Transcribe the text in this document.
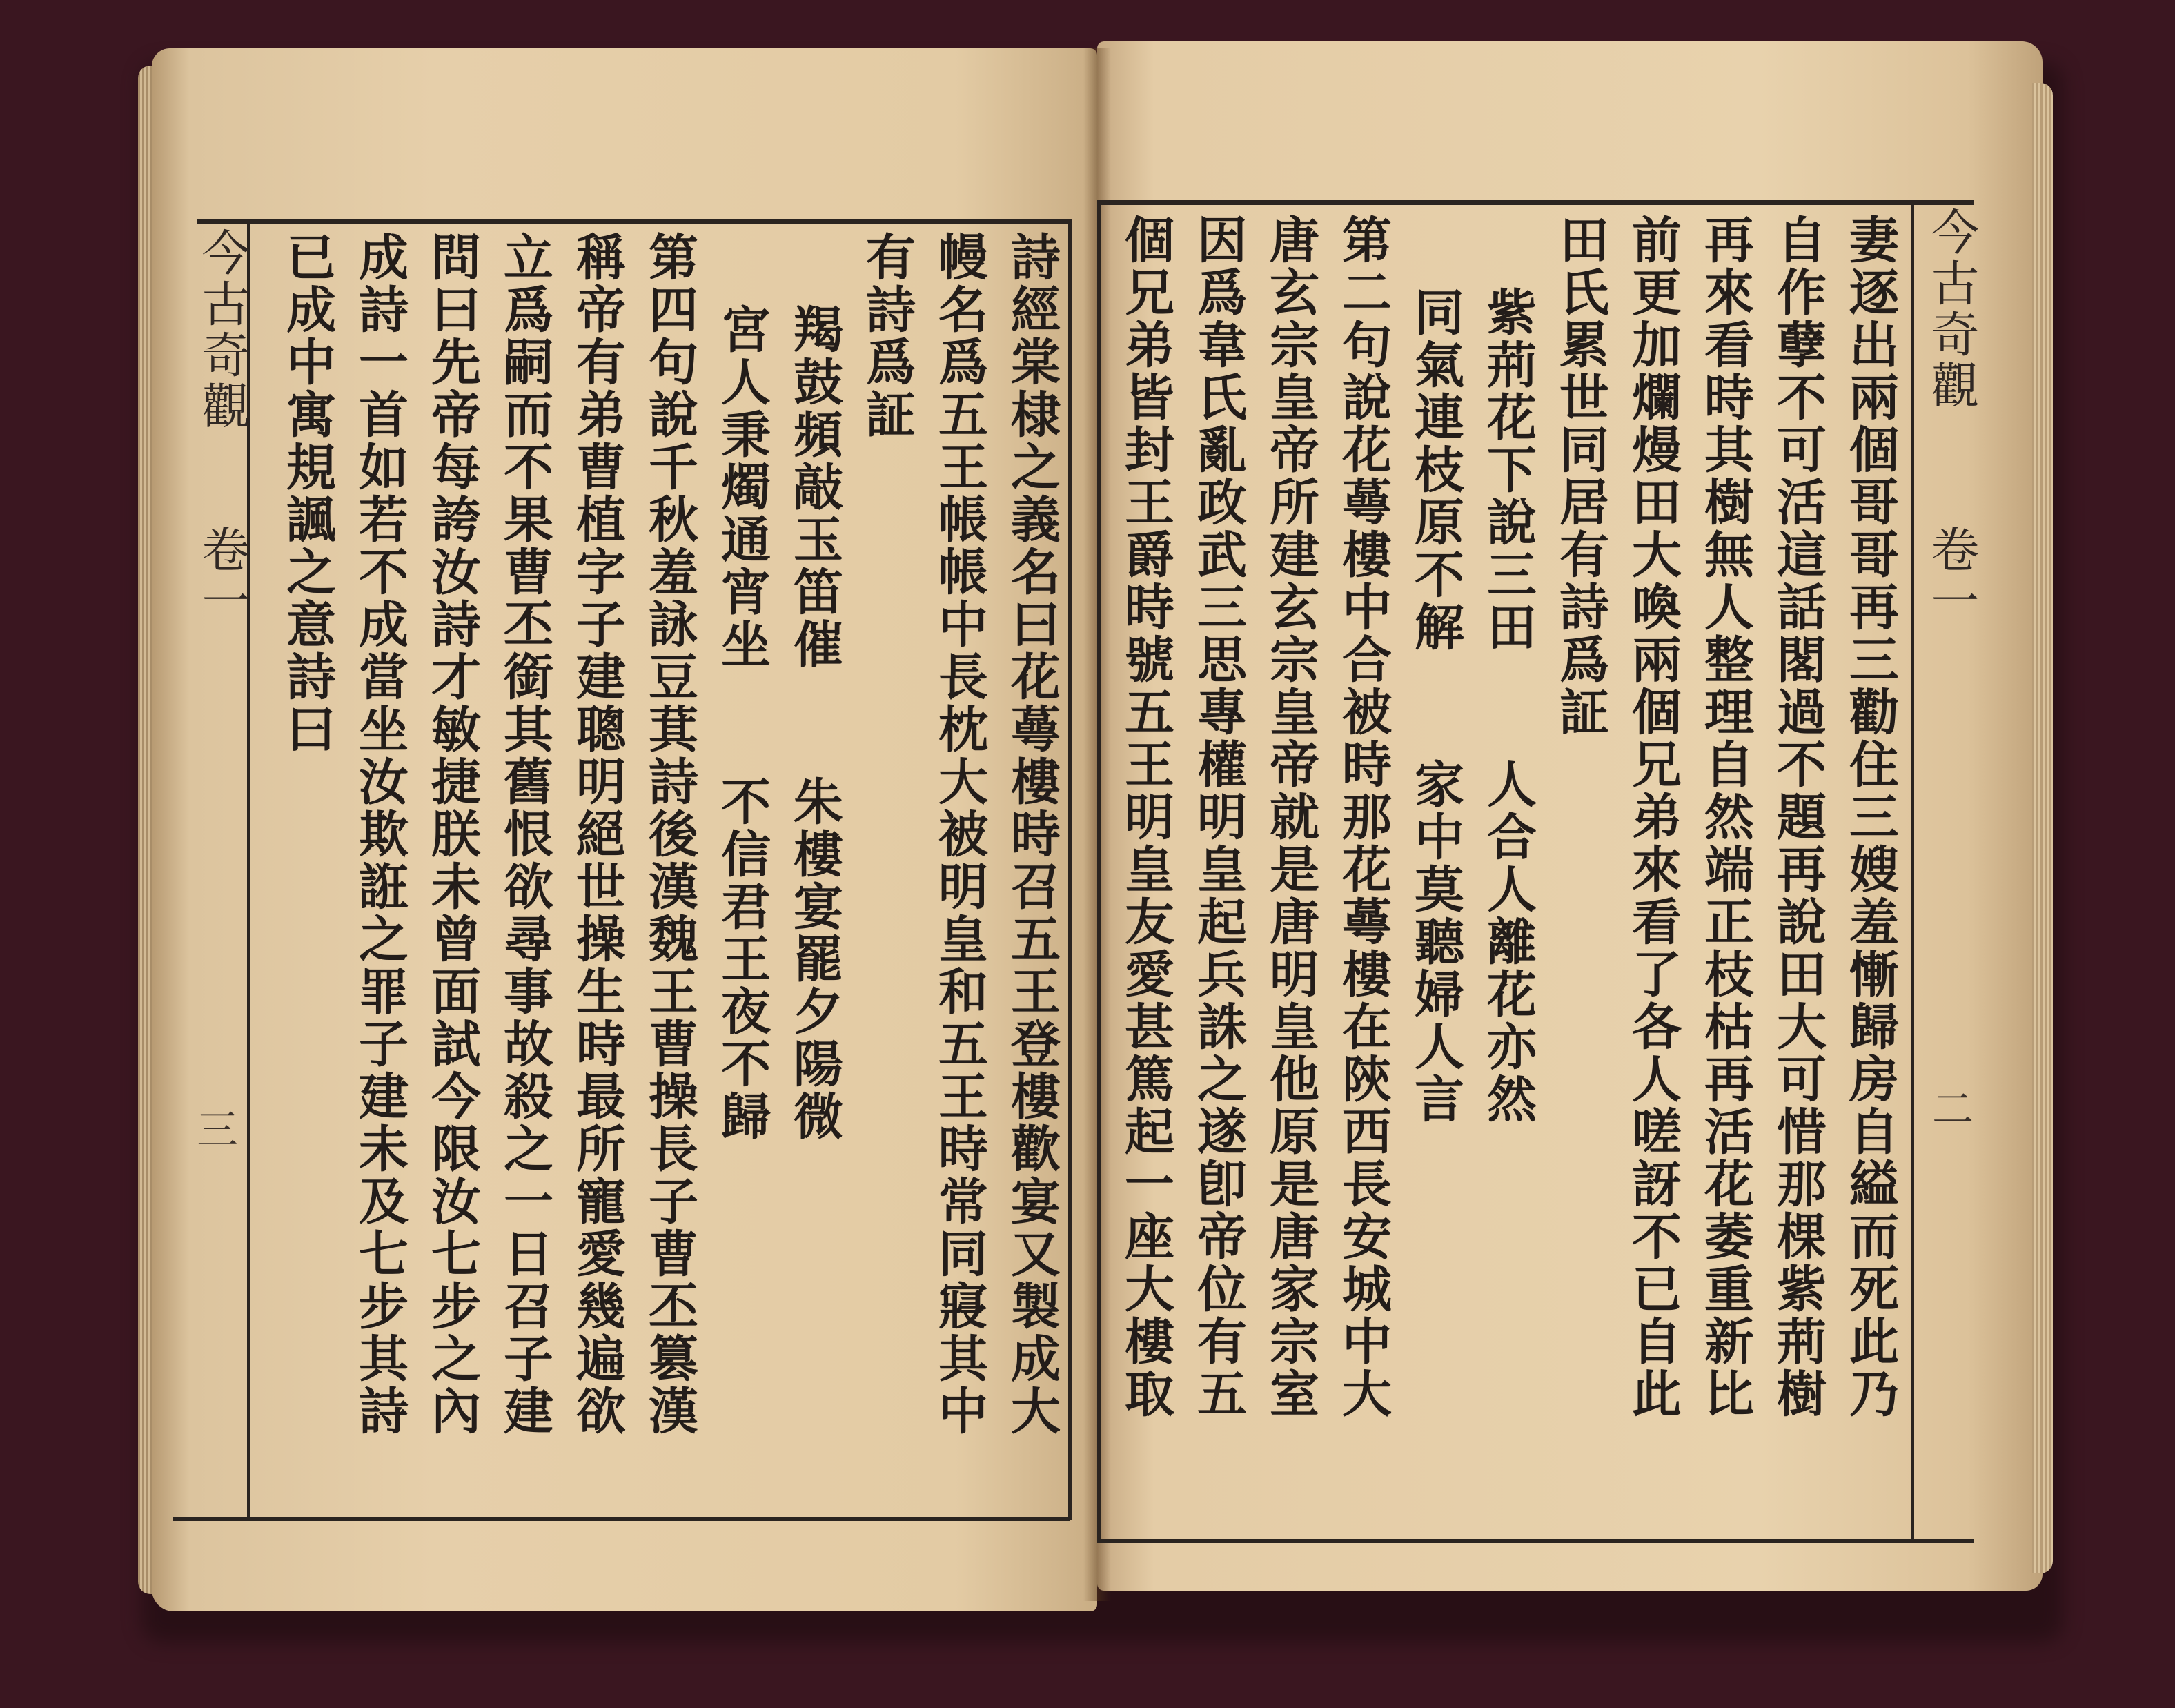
今古奇觀
卷一
三
今古奇觀
卷一
二
詩經棠棣之義名曰花蕚樓時召五王登樓歡宴又製成大
幔名爲五王帳帳中長枕大被明皇和五王時常同寢其中
有詩爲証
羯鼓頻敲玉笛催　　朱樓宴罷夕陽微
宮人秉燭通宵坐　　不信君王夜不歸
第四句說千秋羞詠豆萁詩後漢魏王曹操長子曹丕篡漢
稱帝有弟曹植字子建聰明絕世操生時最所寵愛幾遍欲
立爲嗣而不果曹丕銜其舊恨欲尋事故殺之一日召子建
問曰先帝每誇汝詩才敏捷朕未曾面試今限汝七步之內
成詩一首如若不成當坐汝欺誑之罪子建未及七步其詩
已成中寓規諷之意詩曰	妻逐出兩個哥哥再三勸住三嫂羞慚歸房自縊而死此乃
自作孽不可活這話閣過不題再說田大可惜那棵紫荊樹
再來看時其樹無人整理自然端正枝枯再活花萎重新比
前更加爛熳田大喚兩個兄弟來看了各人嗟訝不已自此
田氏累世同居有詩爲証
紫荊花下說三田　　人合人離花亦然
同氣連枝原不解　　家中莫聽婦人言
第二句說花蕚樓中合被時那花蕚樓在陝西長安城中大
唐玄宗皇帝所建玄宗皇帝就是唐明皇他原是唐家宗室
因爲韋氏亂政武三思專權明皇起兵誅之遂卽帝位有五
個兄弟皆封王爵時號五王明皇友愛甚篤起一座大樓取
